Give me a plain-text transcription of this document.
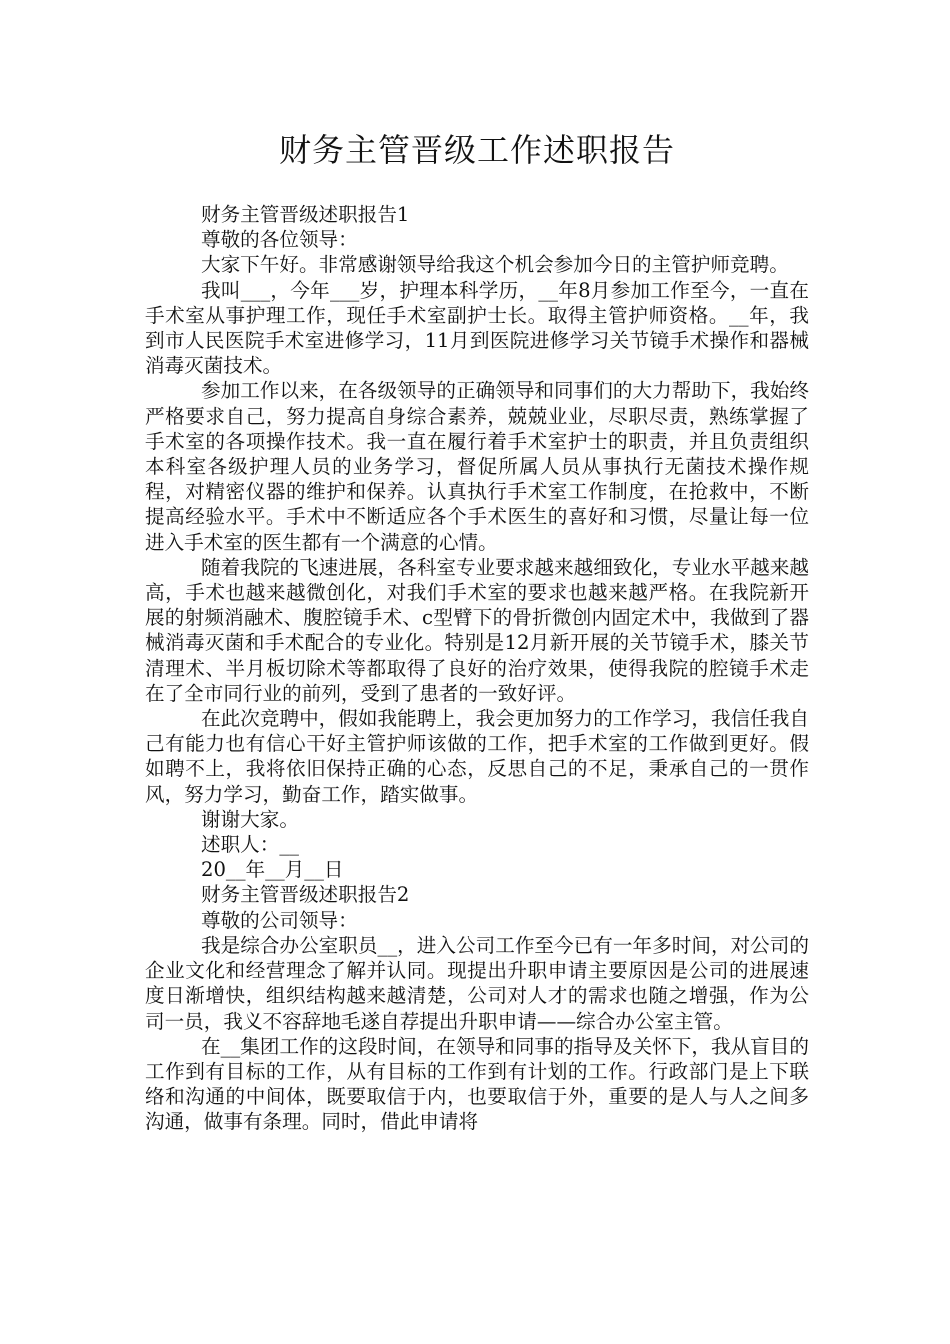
财务主管晋级工作述职报告

财务主管晋级述职报告1

尊敬的各位领导：

大家下午好。非常感谢领导给我这个机会参加今日的主管护师竞聘。

我叫___，今年___岁，护理本科学历，__年8月参加工作至今，一直在手术室从事护理工作，现任手术室副护士长。取得主管护师资格。__年，我到市人民医院手术室进修学习，11月到医院进修学习关节镜手术操作和器械消毒灭菌技术。

参加工作以来，在各级领导的正确领导和同事们的大力帮助下，我始终严格要求自己，努力提高自身综合素养，兢兢业业，尽职尽责，熟练掌握了手术室的各项操作技术。我一直在履行着手术室护士的职责，并且负责组织本科室各级护理人员的业务学习，督促所属人员从事执行无菌技术操作规程，对精密仪器的维护和保养。认真执行手术室工作制度，在抢救中，不断提高经验水平。手术中不断适应各个手术医生的喜好和习惯，尽量让每一位进入手术室的医生都有一个满意的心情。

随着我院的飞速进展，各科室专业要求越来越细致化，专业水平越来越高，手术也越来越微创化，对我们手术室的要求也越来越严格。在我院新开展的射频消融术、腹腔镜手术、c型臂下的骨折微创内固定术中，我做到了器械消毒灭菌和手术配合的专业化。特别是12月新开展的关节镜手术，膝关节清理术、半月板切除术等都取得了良好的治疗效果，使得我院的腔镜手术走在了全市同行业的前列，受到了患者的一致好评。

在此次竞聘中，假如我能聘上，我会更加努力的工作学习，我信任我自己有能力也有信心干好主管护师该做的工作，把手术室的工作做到更好。假如聘不上，我将依旧保持正确的心态，反思自己的不足，秉承自己的一贯作风，努力学习，勤奋工作，踏实做事。

谢谢大家。

述职人：__

20__年__月__日

财务主管晋级述职报告2

尊敬的公司领导：

我是综合办公室职员__，进入公司工作至今已有一年多时间，对公司的企业文化和经营理念了解并认同。现提出升职申请主要原因是公司的进展速度日渐增快，组织结构越来越清楚，公司对人才的需求也随之增强，作为公司一员，我义不容辞地毛遂自荐提出升职申请——综合办公室主管。

在__集团工作的这段时间，在领导和同事的指导及关怀下，我从盲目的工作到有目标的工作，从有目标的工作到有计划的工作。行政部门是上下联络和沟通的中间体，既要取信于内，也要取信于外，重要的是人与人之间多沟通，做事有条理。同时，借此申请将
